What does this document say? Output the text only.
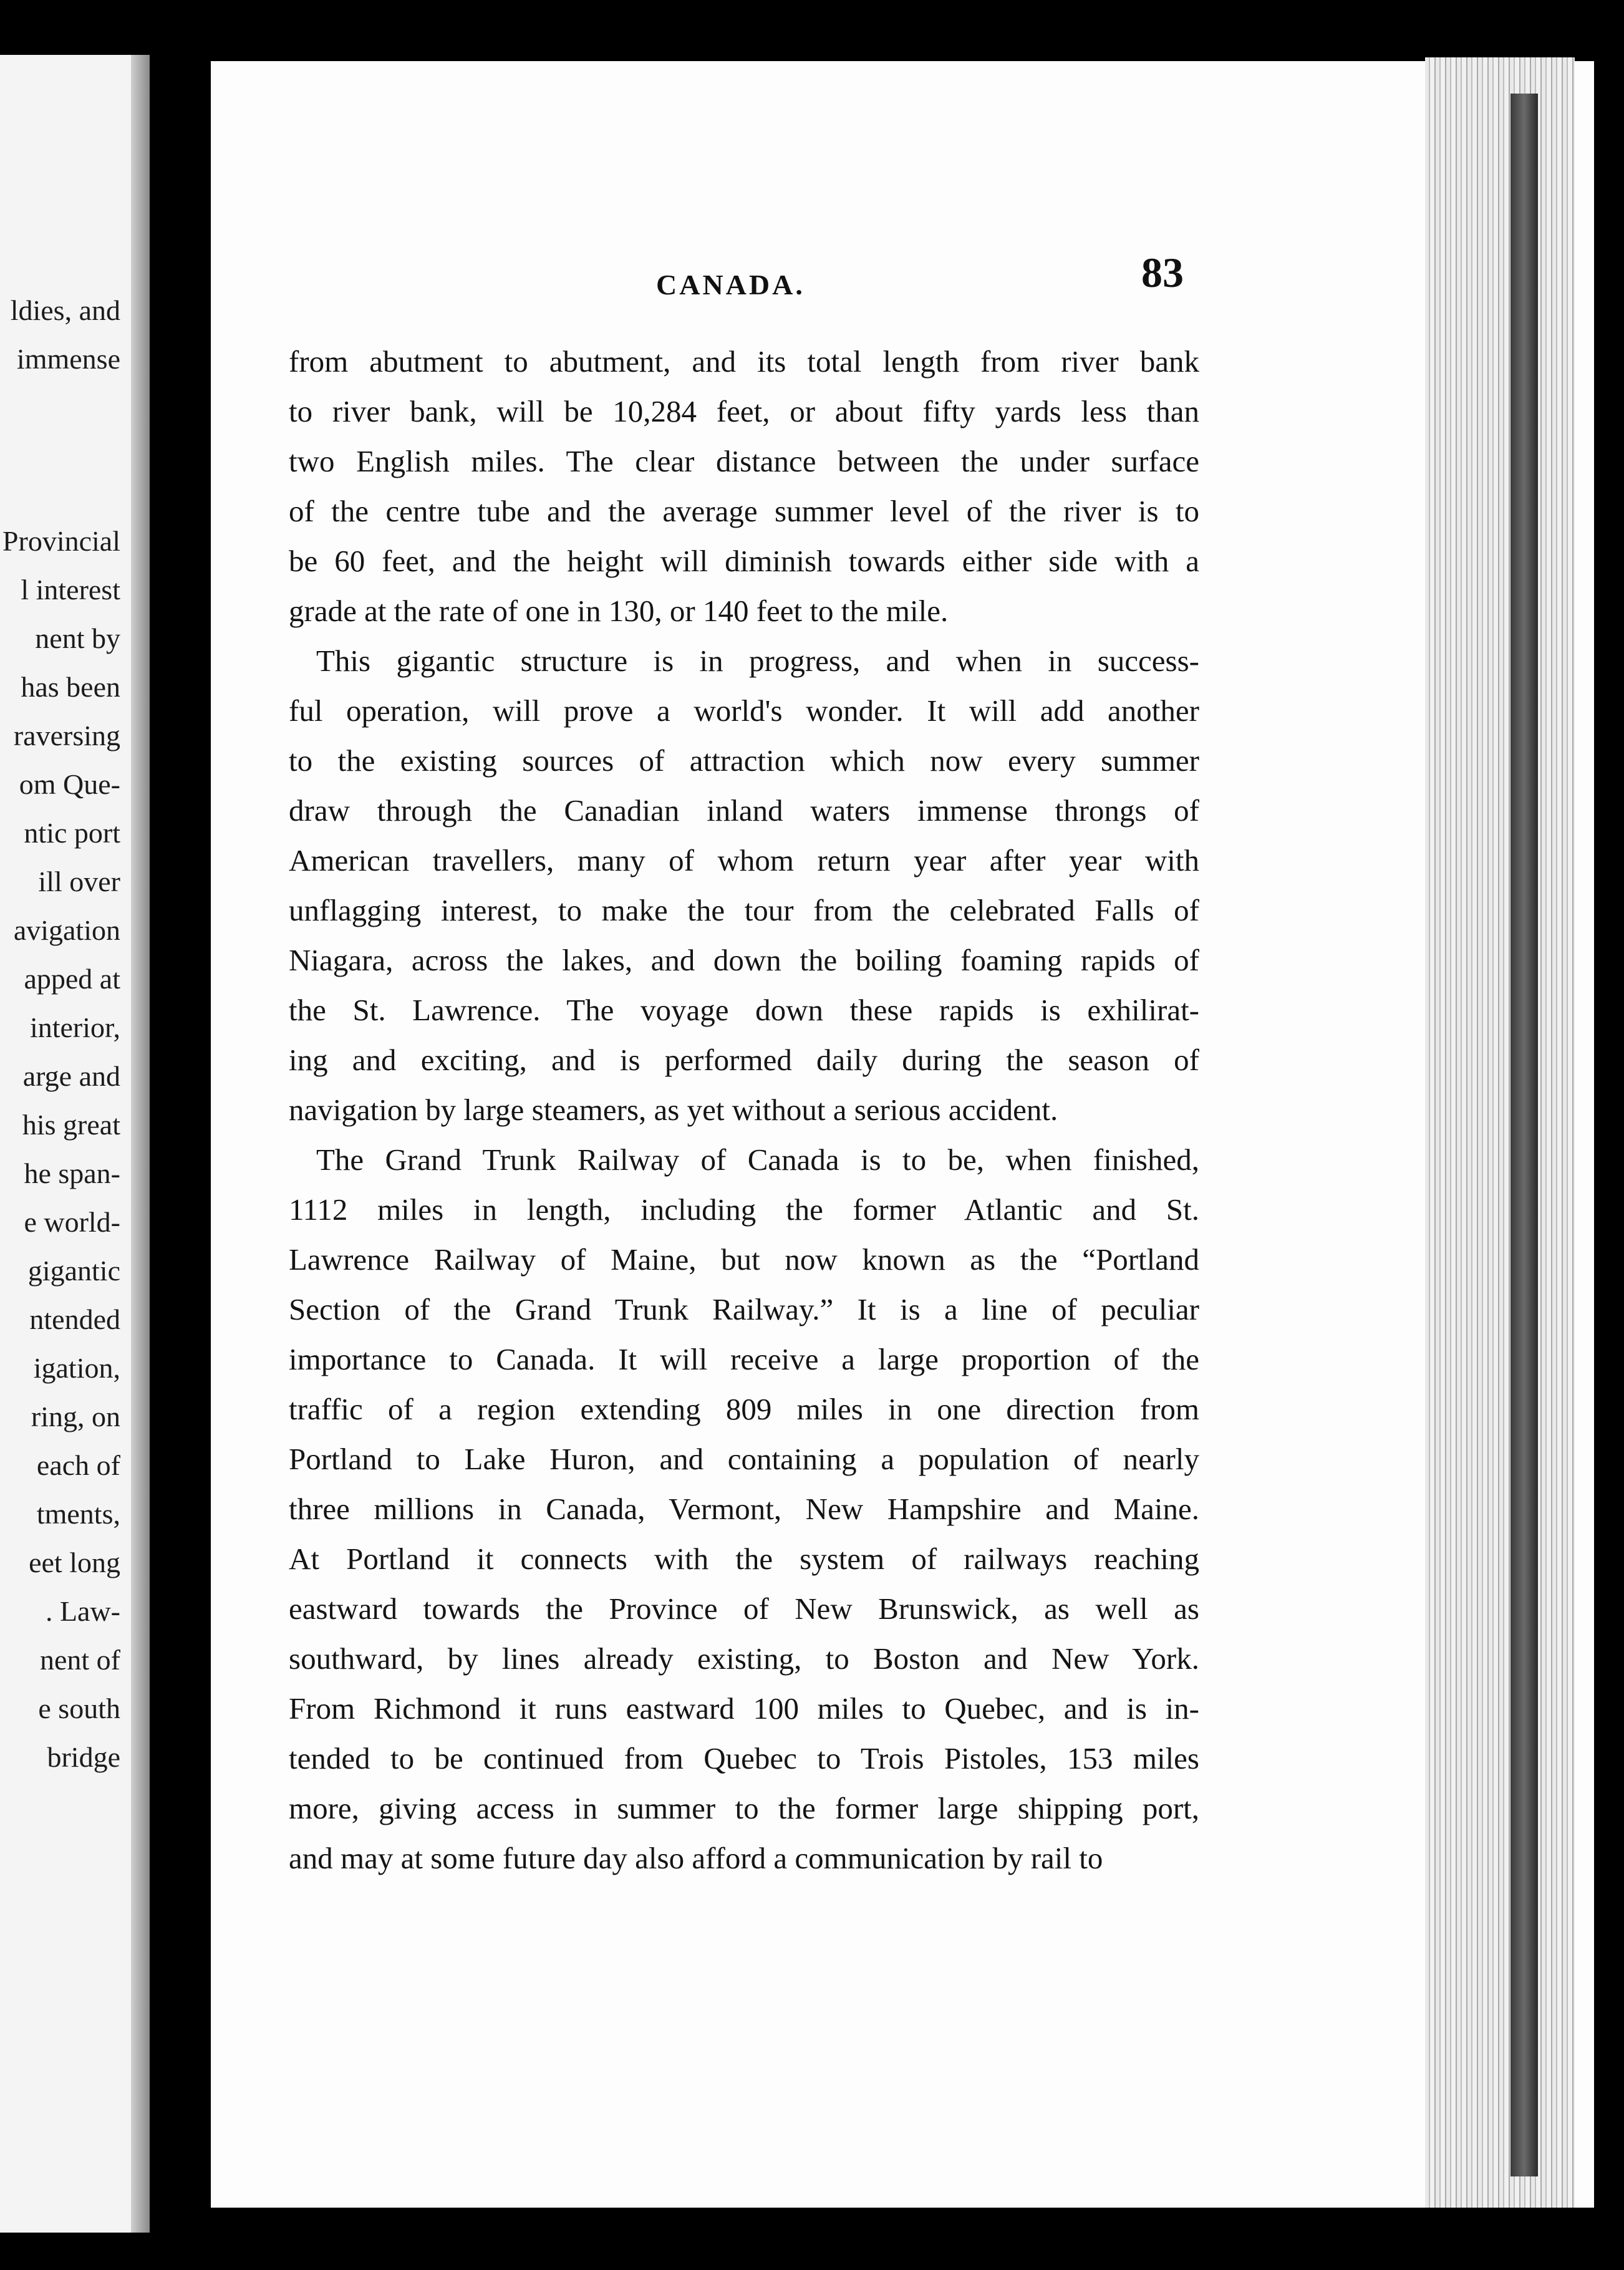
ldies, and
immense
Provincial
l interest
nent by
has been
raversing
om Que-
ntic port
ill over
avigation
apped at
interior,
arge and
his great
he span-
e world-
gigantic
ntended
igation,
ring, on
each of
tments,
eet long
. Law-
nent of
e south
bridge
CANADA.	83
from abutment to abutment, and its total length from river bank
to river bank, will be 10,284 feet, or about fifty yards less than
two English miles. The clear distance between the under surface
of the centre tube and the average summer level of the river is to
be 60 feet, and the height will diminish towards either side with a
grade at the rate of one in 130, or 140 feet to the mile.
This gigantic structure is in progress, and when in success-
ful operation, will prove a world's wonder. It will add another
to the existing sources of attraction which now every summer
draw through the Canadian inland waters immense throngs of
American travellers, many of whom return year after year with
unflagging interest, to make the tour from the celebrated Falls of
Niagara, across the lakes, and down the boiling foaming rapids of
the St. Lawrence. The voyage down these rapids is exhilirat-
ing and exciting, and is performed daily during the season of
navigation by large steamers, as yet without a serious accident.
The Grand Trunk Railway of Canada is to be, when finished,
1112 miles in length, including the former Atlantic and St.
Lawrence Railway of Maine, but now known as the “Portland
Section of the Grand Trunk Railway.” It is a line of peculiar
importance to Canada. It will receive a large proportion of the
traffic of a region extending 809 miles in one direction from
Portland to Lake Huron, and containing a population of nearly
three millions in Canada, Vermont, New Hampshire and Maine.
At Portland it connects with the system of railways reaching
eastward towards the Province of New Brunswick, as well as
southward, by lines already existing, to Boston and New York.
From Richmond it runs eastward 100 miles to Quebec, and is in-
tended to be continued from Quebec to Trois Pistoles, 153 miles
more, giving access in summer to the former large shipping port,
and may at some future day also afford a communication by rail to
